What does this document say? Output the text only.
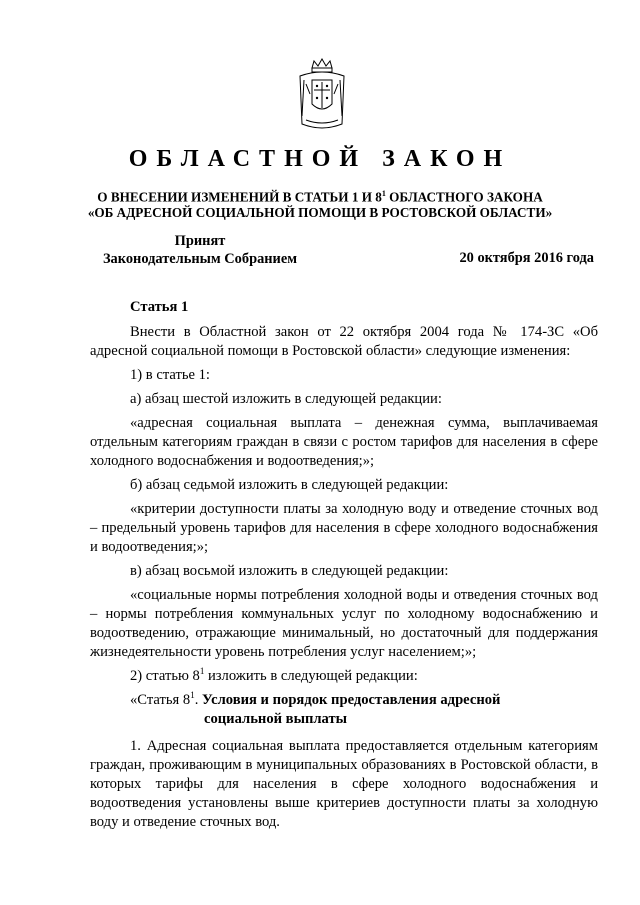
ОБЛАСТНОЙ ЗАКОН
О ВНЕСЕНИИ ИЗМЕНЕНИЙ В СТАТЬИ 1 И $8^1$ ОБЛАСТНОГО ЗАКОНА
«ОБ АДРЕСНОЙ СОЦИАЛЬНОЙ ПОМОЩИ В РОСТОВСКОЙ ОБЛАСТИ»
Принят
Законодательным Собранием	20 октября 2016 года

Статья 1

Внести в Областной закон от 22 октября 2004 года № 174-ЗС «Об адресной социальной помощи в Ростовской области» следующие изменения:

1) в статье 1:

а) абзац шестой изложить в следующей редакции:

«адресная социальная выплата – денежная сумма, выплачиваемая отдельным категориям граждан в связи с ростом тарифов для населения в сфере холодного водоснабжения и водоотведения;»;

б) абзац седьмой изложить в следующей редакции:

«критерии доступности платы за холодную воду и отведение сточных вод – предельный уровень тарифов для населения в сфере холодного водоснабжения и водоотведения;»;

в) абзац восьмой изложить в следующей редакции:

«социальные нормы потребления холодной воды и отведения сточных вод – нормы потребления коммунальных услуг по холодному водоснабжению и водоотведению, отражающие минимальный, но достаточный для поддержания жизнедеятельности уровень потребления услуг населением;»;

2) статью $8^1$ изложить в следующей редакции:

«Статья $8^1$. Условия и порядок предоставления адресной
социальной выплаты

1. Адресная социальная выплата предоставляется отдельным категориям граждан, проживающим в муниципальных образованиях в Ростовской области, в которых тарифы для населения в сфере холодного водоснабжения и водоотведения установлены выше критериев доступности платы за холодную воду и отведение сточных вод.
